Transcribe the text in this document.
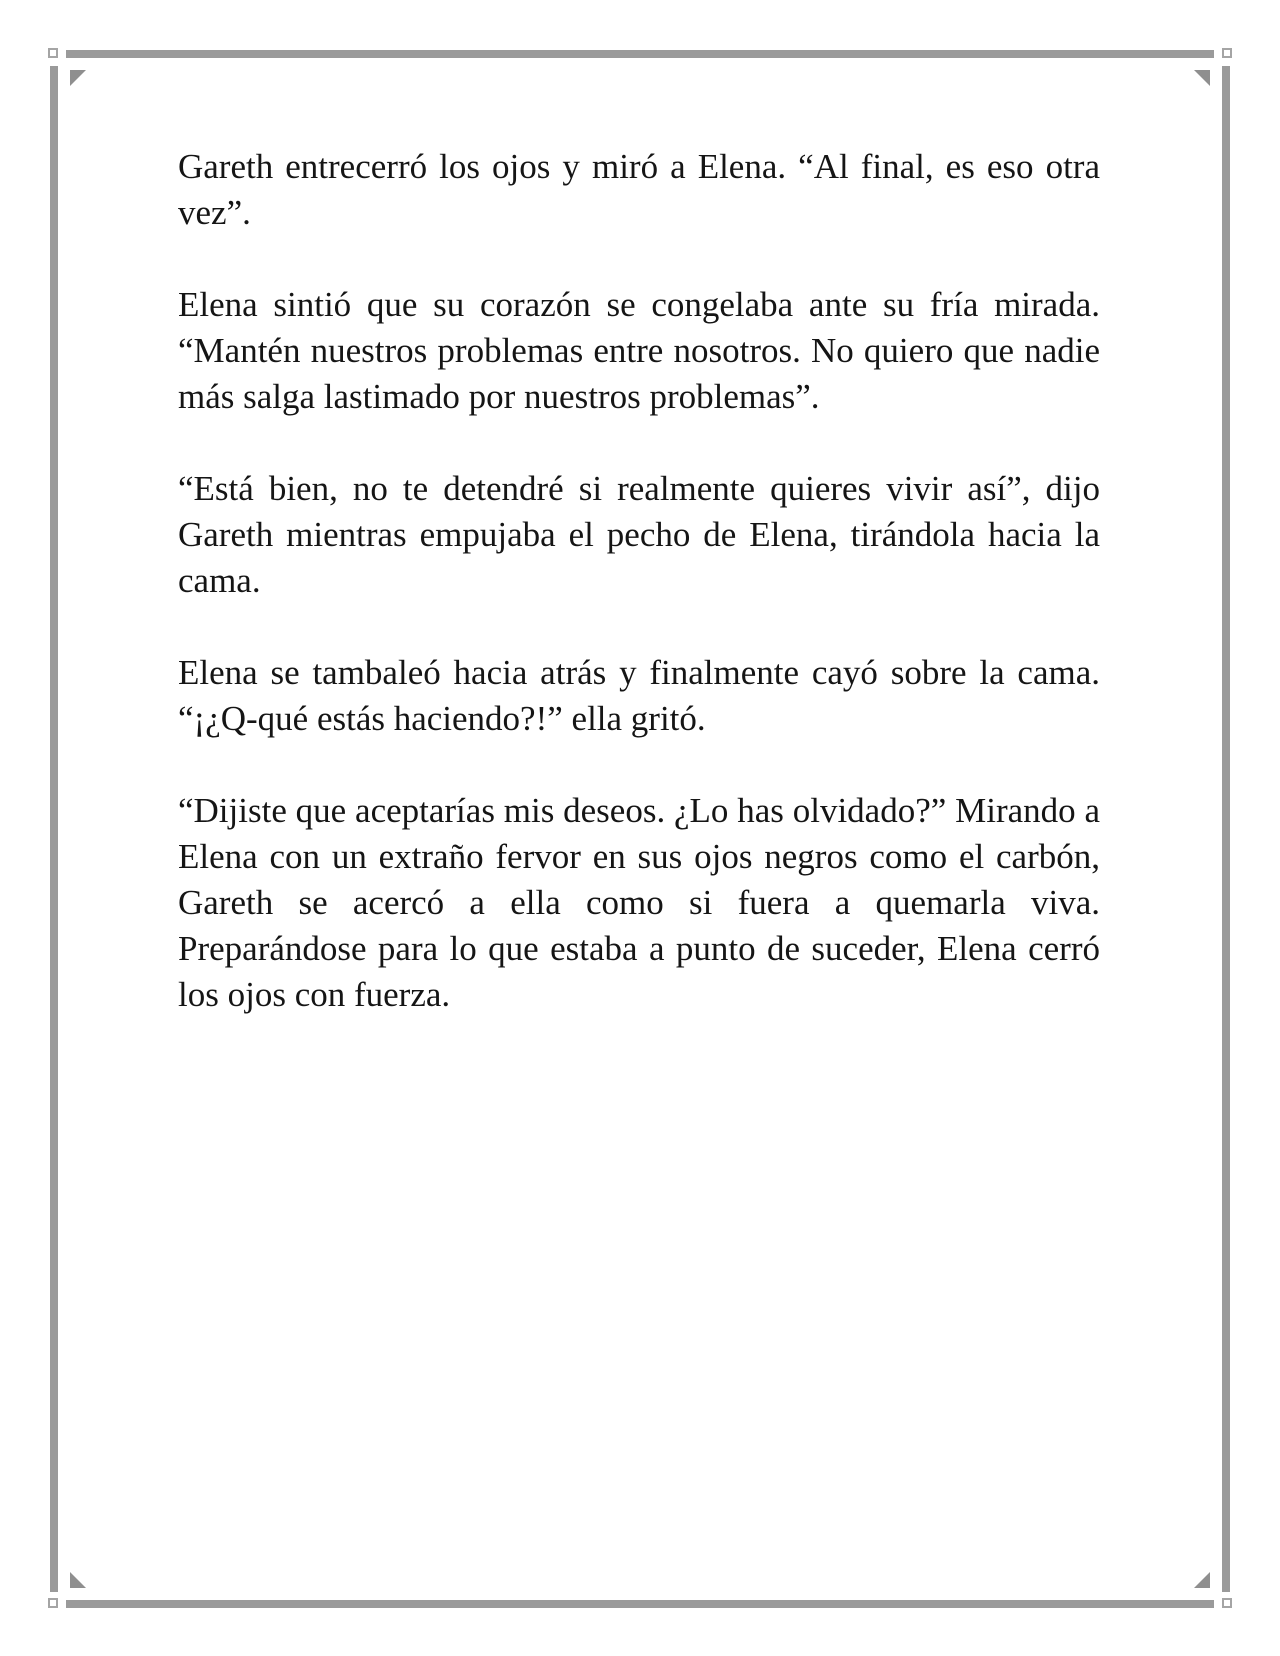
Gareth entrecerró los ojos y miró a Elena. “Al final, es eso otra vez”.

Elena sintió que su corazón se congelaba ante su fría mirada. “Mantén nuestros problemas entre nosotros. No quiero que nadie más salga lastimado por nuestros problemas”.

“Está bien, no te detendré si realmente quieres vivir así”, dijo Gareth mientras empujaba el pecho de Elena, tirándola hacia la cama.

Elena se tambaleó hacia atrás y finalmente cayó sobre la cama. “¡¿Q-qué estás haciendo?!” ella gritó.

“Dijiste que aceptarías mis deseos. ¿Lo has olvidado?” Mirando a Elena con un extraño fervor en sus ojos negros como el carbón, Gareth se acercó a ella como si fuera a quemarla viva. Preparándose para lo que estaba a punto de suceder, Elena cerró los ojos con fuerza.
